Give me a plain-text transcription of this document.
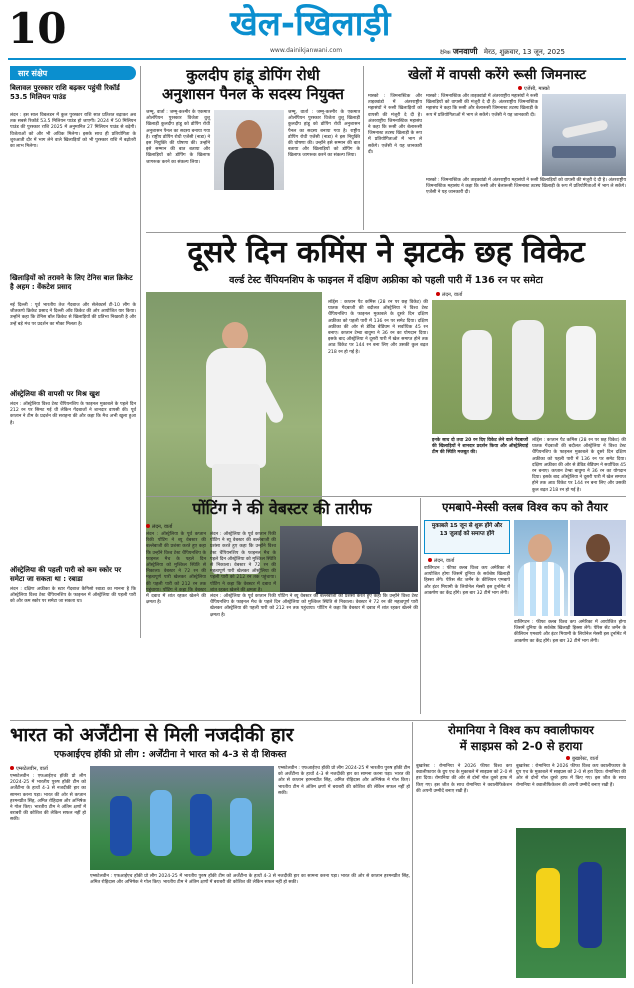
10	खेल-खिलाड़ी
www.dainikjanwani.com	दैनिक जनवाणी मेरठ, शुक्रवार, 13 जून, 2025
सार संक्षेप
बिलावल पुरस्कार राशि बढ़कर पहुंची रिकॉर्ड 53.5 मिलियन पाउंड
लंदन : इस साल विबलडन में कुल पुरस्कार राशि सात प्रतिशत बढ़ाकर अब तक सबसे रिकॉर्ड 53.5 मिलियन पाउंड हो जाएगी। 2024 में 50 मिलियन पाउंड की पुरस्कार राशि 2025 में अनुमानित 27 मिलियन पाउंड से बढ़ेगी। विजेताओं को और भी अधिक मिलेगा। इसके साथ ही प्रतियोगिता के शुरुआती दौर में भाग लेने वाले खिलाड़ियों को भी पुरस्कार राशि में बढ़ोतरी का लाभ मिलेगा।
खिलाड़ियों को तरावने के लिए टेनिस बाल क्रिकेट है अहम : वेंकटेश प्रसाद
नई दिल्ली : पूर्व भारतीय तेज गेंदबाज और सेलेक्टर्स टी-10 लीग के जीतकप्पे क्रिकेट प्रसाद ने दिल्ली आँव क्रिकेट की ओर आयोजित यार किया। उन्होंने कहा कि टेनिस बॉल क्रिकेट से खिलाड़ियों की प्रतिभा निखरती है और उन्हें बड़े मंच पर प्रदर्शन का मौका मिलता है।
ऑस्ट्रेलिया की वापसी पर मिश्र खुश
लंदन : ऑस्ट्रेलिया विश्व टेस्ट चैंपियनशिप के फाइनल मुकाबले के पहले दिन 212 रन पर सिमट गई थी लेकिन गेंदबाजों ने शानदार वापसी की। पूर्व कप्तान ने टीम के प्रदर्शन की सराहना की और कहा कि मैच अभी खुला हुआ है।
ऑस्ट्रेलिया की पहली पारी को कम स्कोर पर समेटा जा सकता था : रबाडा
लंदन : दक्षिण अफ्रीका के स्टार गेंदबाज कैगिसो रबाडा का मानना है कि ऑस्ट्रेलिया विश्व टेस्ट चैंपियनशिप के फाइनल में ऑस्ट्रेलिया की पहली पारी को और कम स्कोर पर समेटा जा सकता था।
कुलदीप हांडू डोपिंग रोधी
अनुशासन पैनल के सदस्य नियुक्त
जम्मू, वार्ता : जम्मू-कश्मीर के एकमात्र ओलंपियन पुरस्कार विजेता वुशू खिलाड़ी कुलदीप हांडू को डोपिंग रोधी अनुशासन पैनल का सदस्य बनाया गया है। राष्ट्रीय डोपिंग रोधी एजेंसी (नाडा) ने इस नियुक्ति की घोषणा की। उन्होंने इसे सम्मान की बात बताया और खिलाड़ियों को डोपिंग के खिलाफ जागरूक करने का संकल्प लिया।
जम्मू, वार्ता : जम्मू-कश्मीर के एकमात्र ओलंपियन पुरस्कार विजेता वुशू खिलाड़ी कुलदीप हांडू को डोपिंग रोधी अनुशासन पैनल का सदस्य बनाया गया है। राष्ट्रीय डोपिंग रोधी एजेंसी (नाडा) ने इस नियुक्ति की घोषणा की। उन्होंने इसे सम्मान की बात बताया और खिलाड़ियों को डोपिंग के खिलाफ जागरूक करने का संकल्प लिया।
खेलों में वापसी करेंगे रूसी जिमनास्ट
एजेंसी, मास्को
मास्को : जिमनास्टिक और ताइक्वांडो में अंतरराष्ट्रीय महासंघों ने रूसी खिलाड़ियों को वापसी की मंजूरी दे दी है। अंतरराष्ट्रीय जिमनास्टिक महासंघ ने कहा कि रूसी और बेलारूसी जिमनास्ट तटस्थ खिलाड़ी के रूप में प्रतियोगिताओं में भाग ले सकेंगे। एजेंसी ने यह जानकारी दी।
मास्को : जिमनास्टिक और ताइक्वांडो में अंतरराष्ट्रीय महासंघों ने रूसी खिलाड़ियों को वापसी की मंजूरी दे दी है। अंतरराष्ट्रीय जिमनास्टिक महासंघ ने कहा कि रूसी और बेलारूसी जिमनास्ट तटस्थ खिलाड़ी के रूप में प्रतियोगिताओं में भाग ले सकेंगे। एजेंसी ने यह जानकारी दी।
मास्को : जिमनास्टिक और ताइक्वांडो में अंतरराष्ट्रीय महासंघों ने रूसी खिलाड़ियों को वापसी की मंजूरी दे दी है। अंतरराष्ट्रीय जिमनास्टिक महासंघ ने कहा कि रूसी और बेलारूसी जिमनास्ट तटस्थ खिलाड़ी के रूप में प्रतियोगिताओं में भाग ले सकेंगे। एजेंसी ने यह जानकारी दी।
दूसरे दिन कमिंस ने झटके छह विकेट
वर्ल्ड टेस्ट चैंपियनशिप के फाइनल में दक्षिण अफ्रीका को पहली पारी में 136 रन पर समेटा
लंदन, वार्ता
लॉर्ड्स : कप्तान पैट कमिंस (28 रन पर छह विकेट) की घातक गेंदबाजी की बदौलत ऑस्ट्रेलिया ने विश्व टेस्ट चैंपियनशिप के फाइनल मुकाबले के दूसरे दिन दक्षिण अफ्रीका को पहली पारी में 136 रन पर समेट दिया। दक्षिण अफ्रीका की ओर से डेविड बेडिंघम ने सर्वाधिक 45 रन बनाए। कप्तान टेम्बा बावुमा ने 36 रन का योगदान दिया। इसके बाद ऑस्ट्रेलिया ने दूसरी पारी में खेल समाप्त होने तक आठ विकेट पर 144 रन बना लिए और उसकी कुल बढ़त 218 रन हो गई है।
इनके साथ दो तथा 20 रन दिए विकेट लेने वाले गेंदबाजों की खिलाड़ियों ने शानदार प्रदर्शन किया और ऑस्ट्रेलियाई टीम की स्थिति मजबूत की।
लॉर्ड्स : कप्तान पैट कमिंस (28 रन पर छह विकेट) की घातक गेंदबाजी की बदौलत ऑस्ट्रेलिया ने विश्व टेस्ट चैंपियनशिप के फाइनल मुकाबले के दूसरे दिन दक्षिण अफ्रीका को पहली पारी में 136 रन पर समेट दिया। दक्षिण अफ्रीका की ओर से डेविड बेडिंघम ने सर्वाधिक 45 रन बनाए। कप्तान टेम्बा बावुमा ने 36 रन का योगदान दिया। इसके बाद ऑस्ट्रेलिया ने दूसरी पारी में खेल समाप्त होने तक आठ विकेट पर 144 रन बना लिए और उसकी कुल बढ़त 218 रन हो गई है।
पोंटिंग ने की वेबस्टर की तारीफ
लंदन, वार्ता
लंदन : ऑस्ट्रेलिया के पूर्व कप्तान रिकी पोंटिंग ने ब्यू वेबस्टर की बल्लेबाजी की प्रशंसा करते हुए कहा कि उन्होंने विश्व टेस्ट चैंपियनशिप के फाइनल मैच के पहले दिन ऑस्ट्रेलिया को मुश्किल स्थिति से निकाला। वेबस्टर ने 72 रन की महत्वपूर्ण पारी खेलकर ऑस्ट्रेलिया की पहली पारी को 212 रन तक पहुंचाया। पोंटिंग ने कहा कि वेबस्टर में दबाव में शांत रहकर खेलने की क्षमता है।
लंदन : ऑस्ट्रेलिया के पूर्व कप्तान रिकी पोंटिंग ने ब्यू वेबस्टर की बल्लेबाजी की प्रशंसा करते हुए कहा कि उन्होंने विश्व टेस्ट चैंपियनशिप के फाइनल मैच के पहले दिन ऑस्ट्रेलिया को मुश्किल स्थिति से निकाला। वेबस्टर ने 72 रन की महत्वपूर्ण पारी खेलकर ऑस्ट्रेलिया की पहली पारी को 212 रन तक पहुंचाया। पोंटिंग ने कहा कि वेबस्टर में दबाव में शांत रहकर खेलने की क्षमता है।
लंदन : ऑस्ट्रेलिया के पूर्व कप्तान रिकी पोंटिंग ने ब्यू वेबस्टर की बल्लेबाजी की प्रशंसा करते हुए कहा कि उन्होंने विश्व टेस्ट चैंपियनशिप के फाइनल मैच के पहले दिन ऑस्ट्रेलिया को मुश्किल स्थिति से निकाला। वेबस्टर ने 72 रन की महत्वपूर्ण पारी खेलकर ऑस्ट्रेलिया की पहली पारी को 212 रन तक पहुंचाया। पोंटिंग ने कहा कि वेबस्टर में दबाव में शांत रहकर खेलने की क्षमता है।
एमबापे-मेस्सी क्लब विश्व कप को तैयार
मुकाबले 15 जून से शुरू होंगे और 13 जुलाई को समाप्त होंगे
लंदन, वार्ता
वाशिंगटन : फीफा क्लब विश्व कप अमेरिका में आयोजित होगा जिसमें दुनिया के सर्वश्रेष्ठ खिलाड़ी हिस्सा लेंगे। पेरिस सेंट जर्मेन के कीलियन एमबापे और इंटर मियामी के लियोनेल मेस्सी इस टूर्नामेंट में आकर्षण का केंद्र होंगे। इस बार 32 टीमें भाग लेंगी।
वाशिंगटन : फीफा क्लब विश्व कप अमेरिका में आयोजित होगा जिसमें दुनिया के सर्वश्रेष्ठ खिलाड़ी हिस्सा लेंगे। पेरिस सेंट जर्मेन के कीलियन एमबापे और इंटर मियामी के लियोनेल मेस्सी इस टूर्नामेंट में आकर्षण का केंद्र होंगे। इस बार 32 टीमें भाग लेंगी।
भारत को अर्जेंटीना से मिली नजदीकी हार
एफआईएच हॉकी प्रो लीग : अर्जेंटीना ने भारत को 4-3 से दी शिकस्त
एम्सटेलवीन, वार्ता
एम्सटेलवीन : एफआईएच हॉकी प्रो लीग 2024-25 में भारतीय पुरुष हॉकी टीम को अर्जेंटीना के हाथों 4-3 से नजदीकी हार का सामना करना पड़ा। भारत की ओर से कप्तान हरमनप्रीत सिंह, अमित रोहिदास और अभिषेक ने गोल किए। भारतीय टीम ने अंतिम क्षणों में बराबरी की कोशिश की लेकिन सफल नहीं हो सकी।
एम्सटेलवीन : एफआईएच हॉकी प्रो लीग 2024-25 में भारतीय पुरुष हॉकी टीम को अर्जेंटीना के हाथों 4-3 से नजदीकी हार का सामना करना पड़ा। भारत की ओर से कप्तान हरमनप्रीत सिंह, अमित रोहिदास और अभिषेक ने गोल किए। भारतीय टीम ने अंतिम क्षणों में बराबरी की कोशिश की लेकिन सफल नहीं हो सकी।
एम्सटेलवीन : एफआईएच हॉकी प्रो लीग 2024-25 में भारतीय पुरुष हॉकी टीम को अर्जेंटीना के हाथों 4-3 से नजदीकी हार का सामना करना पड़ा। भारत की ओर से कप्तान हरमनप्रीत सिंह, अमित रोहिदास और अभिषेक ने गोल किए। भारतीय टीम ने अंतिम क्षणों में बराबरी की कोशिश की लेकिन सफल नहीं हो सकी।
रोमानिया ने विश्व कप क्वालीफायर
में साइप्रस को 2-0 से हराया
बुखारेस्ट, वार्ता
बुखारेस्ट : रोमानिया ने 2026 फीफा विश्व कप क्वालीफायर के ग्रुप एच के मुकाबले में साइप्रस को 2-0 से हरा दिया। रोमानिया की ओर से दोनों गोल दूसरे हाफ में किए गए। इस जीत के साथ रोमानिया ने क्वालीफिकेशन की अपनी उम्मीदें बनाए रखी हैं।
बुखारेस्ट : रोमानिया ने 2026 फीफा विश्व कप क्वालीफायर के ग्रुप एच के मुकाबले में साइप्रस को 2-0 से हरा दिया। रोमानिया की ओर से दोनों गोल दूसरे हाफ में किए गए। इस जीत के साथ रोमानिया ने क्वालीफिकेशन की अपनी उम्मीदें बनाए रखी हैं।
